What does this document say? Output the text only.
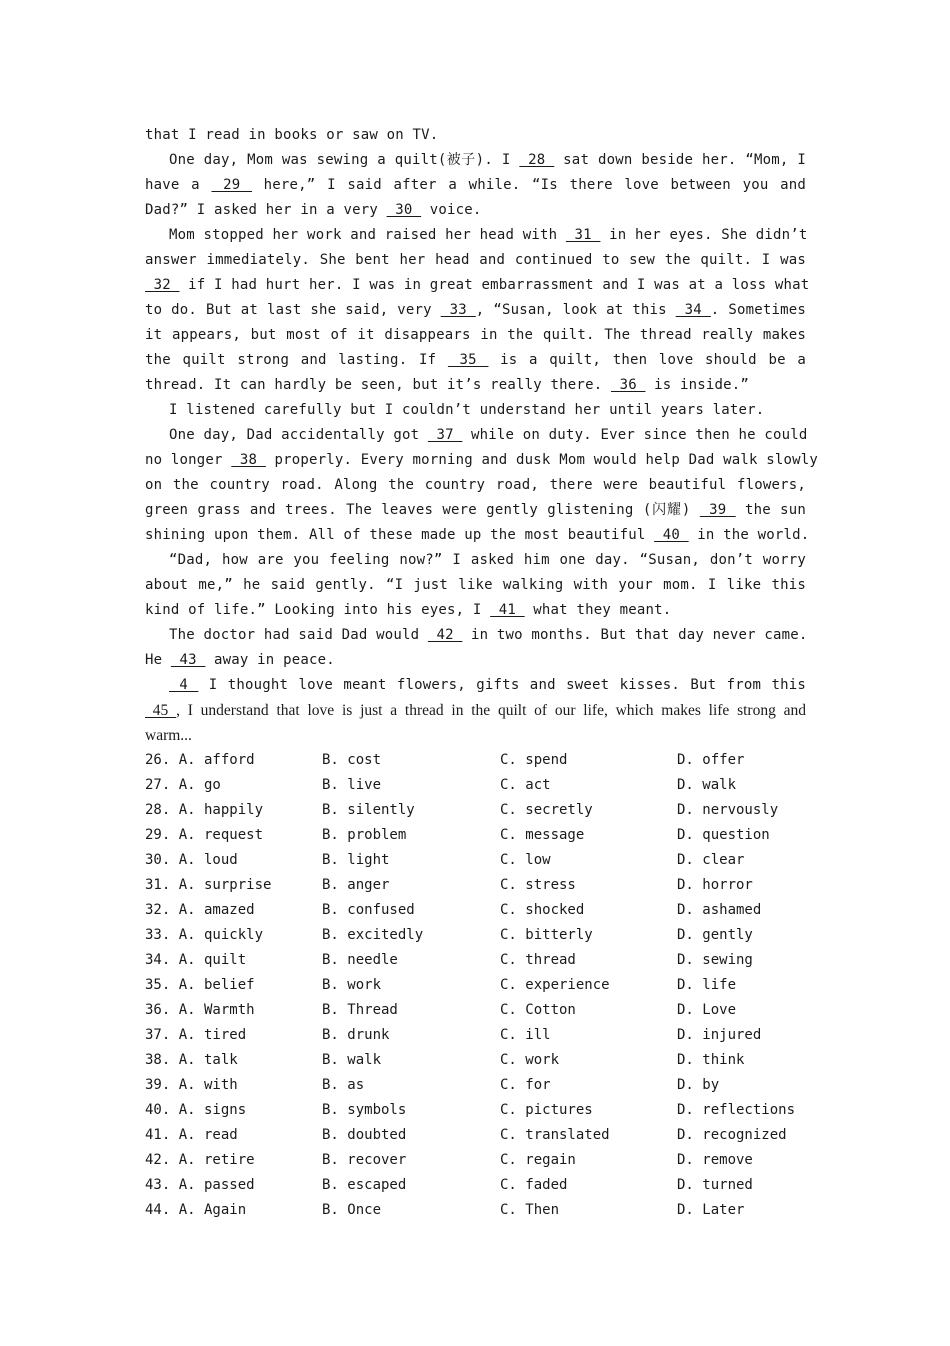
that I read in books or saw on TV.
One day, Mom was sewing a quilt(被子). I  28  sat down beside her. “Mom, I
have a  29  here,” I said after a while. “Is there love between you and
Dad?” I asked her in a very  30  voice.
Mom stopped her work and raised her head with  31  in her eyes. She didn’t
answer immediately. She bent her head and continued to sew the quilt. I was
32  if I had hurt her. I was in great embarrassment and I was at a loss what
to do. But at last she said, very  33 , “Susan, look at this  34 . Sometimes
it appears, but most of it disappears in the quilt. The thread really makes
the quilt strong and lasting. If  35  is a quilt, then love should be a
thread. It can hardly be seen, but it’s really there.  36  is inside.”
I listened carefully but I couldn’t understand her until years later.
One day, Dad accidentally got  37  while on duty. Ever since then he could
no longer  38  properly. Every morning and dusk Mom would help Dad walk slowly
on the country road. Along the country road, there were beautiful flowers,
green grass and trees. The leaves were gently glistening (闪耀)  39  the sun
shining upon them. All of these made up the most beautiful  40  in the world.
“Dad, how are you feeling now?” I asked him one day. “Susan, don’t worry
about me,” he said gently. “I just like walking with your mom. I like this
kind of life.” Looking into his eyes, I  41  what they meant.
The doctor had said Dad would  42  in two months. But that day never came.
He  43  away in peace.
4  I thought love meant flowers, gifts and sweet kisses. But from this
45 , I understand that love is just a thread in the quilt of our life, which makes life strong and
warm...
26. A. afford	B. cost	C. spend	D. offer
27. A. go	B. live	C. act	D. walk
28. A. happily	B. silently	C. secretly	D. nervously
29. A. request	B. problem	C. message	D. question
30. A. loud	B. light	C. low	D. clear
31. A. surprise	B. anger	C. stress	D. horror
32. A. amazed	B. confused	C. shocked	D. ashamed
33. A. quickly	B. excitedly	C. bitterly	D. gently
34. A. quilt	B. needle	C. thread	D. sewing
35. A. belief	B. work	C. experience	D. life
36. A. Warmth	B. Thread	C. Cotton	D. Love
37. A. tired	B. drunk	C. ill	D. injured
38. A. talk	B. walk	C. work	D. think
39. A. with	B. as	C. for	D. by
40. A. signs	B. symbols	C. pictures	D. reflections
41. A. read	B. doubted	C. translated	D. recognized
42. A. retire	B. recover	C. regain	D. remove
43. A. passed	B. escaped	C. faded	D. turned
44. A. Again	B. Once	C. Then	D. Later
